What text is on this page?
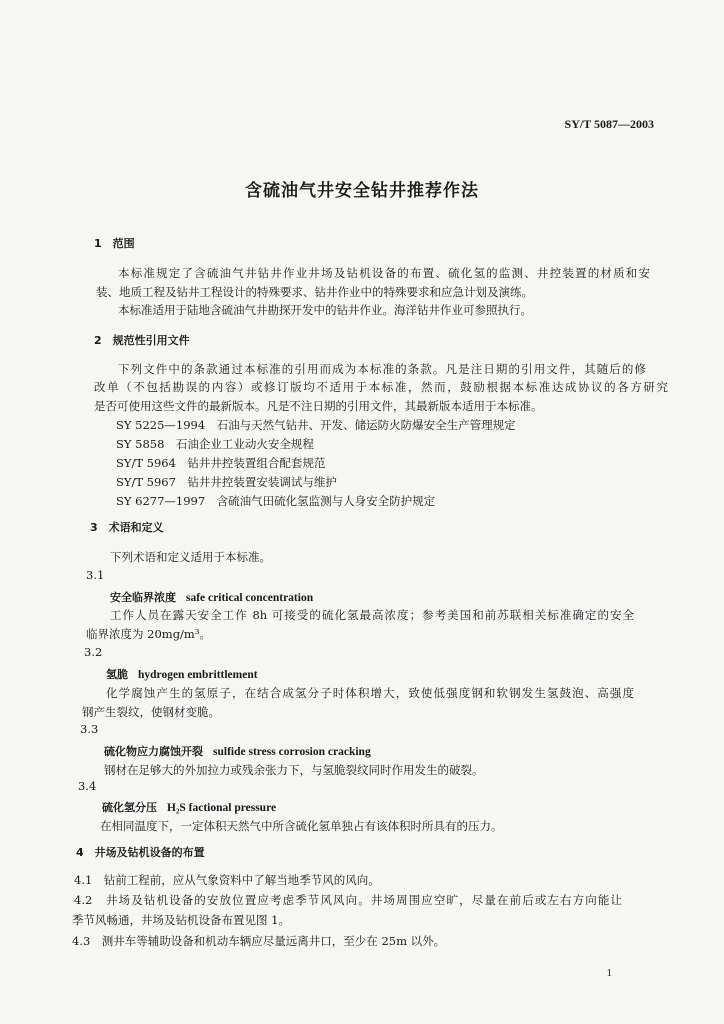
SY/T 5087—2003
含硫油气井安全钻井推荐作法
1　范围
本标准规定了含硫油气井钻井作业井场及钻机设备的布置、硫化氢的监测、井控装置的材质和安
装、地质工程及钻井工程设计的特殊要求、钻井作业中的特殊要求和应急计划及演练。
本标准适用于陆地含硫油气井勘探开发中的钻井作业。海洋钻井作业可参照执行。
2　规范性引用文件
下列文件中的条款通过本标准的引用而成为本标准的条款。凡是注日期的引用文件，其随后的修
改单（不包括勘误的内容）或修订版均不适用于本标准，然而，鼓励根据本标准达成协议的各方研究
是否可使用这些文件的最新版本。凡是不注日期的引用文件，其最新版本适用于本标准。
SY 5225—1994　石油与天然气钻井、开发、储运防火防爆安全生产管理规定
SY 5858　石油企业工业动火安全规程
SY/T 5964　钻井井控装置组合配套规范
SY/T 5967　钻井井控装置安装调试与维护
SY 6277—1997　含硫油气田硫化氢监测与人身安全防护规定
3　术语和定义
下列术语和定义适用于本标准。
3.1
安全临界浓度 safe critical concentration
工作人员在露天安全工作 8h 可接受的硫化氢最高浓度；参考美国和前苏联相关标准确定的安全
临界浓度为 20mg/m³。
3.2
氢脆 hydrogen embrittlement
化学腐蚀产生的氢原子，在结合成氢分子时体积增大，致使低强度钢和软钢发生氢鼓泡、高强度
钢产生裂纹，使钢材变脆。
3.3
硫化物应力腐蚀开裂 sulfide stress corrosion cracking
钢材在足够大的外加拉力或残余张力下，与氢脆裂纹同时作用发生的破裂。
3.4
硫化氢分压 H₂S factional pressure
在相同温度下，一定体积天然气中所含硫化氢单独占有该体积时所具有的压力。
4　井场及钻机设备的布置
4.1　钻前工程前，应从气象资料中了解当地季节风的风向。
4.2　井场及钻机设备的安放位置应考虑季节风风向。井场周围应空旷，尽量在前后或左右方向能让
季节风畅通，井场及钻机设备布置见图 1。
4.3　测井车等辅助设备和机动车辆应尽量远离井口，至少在 25m 以外。
1
